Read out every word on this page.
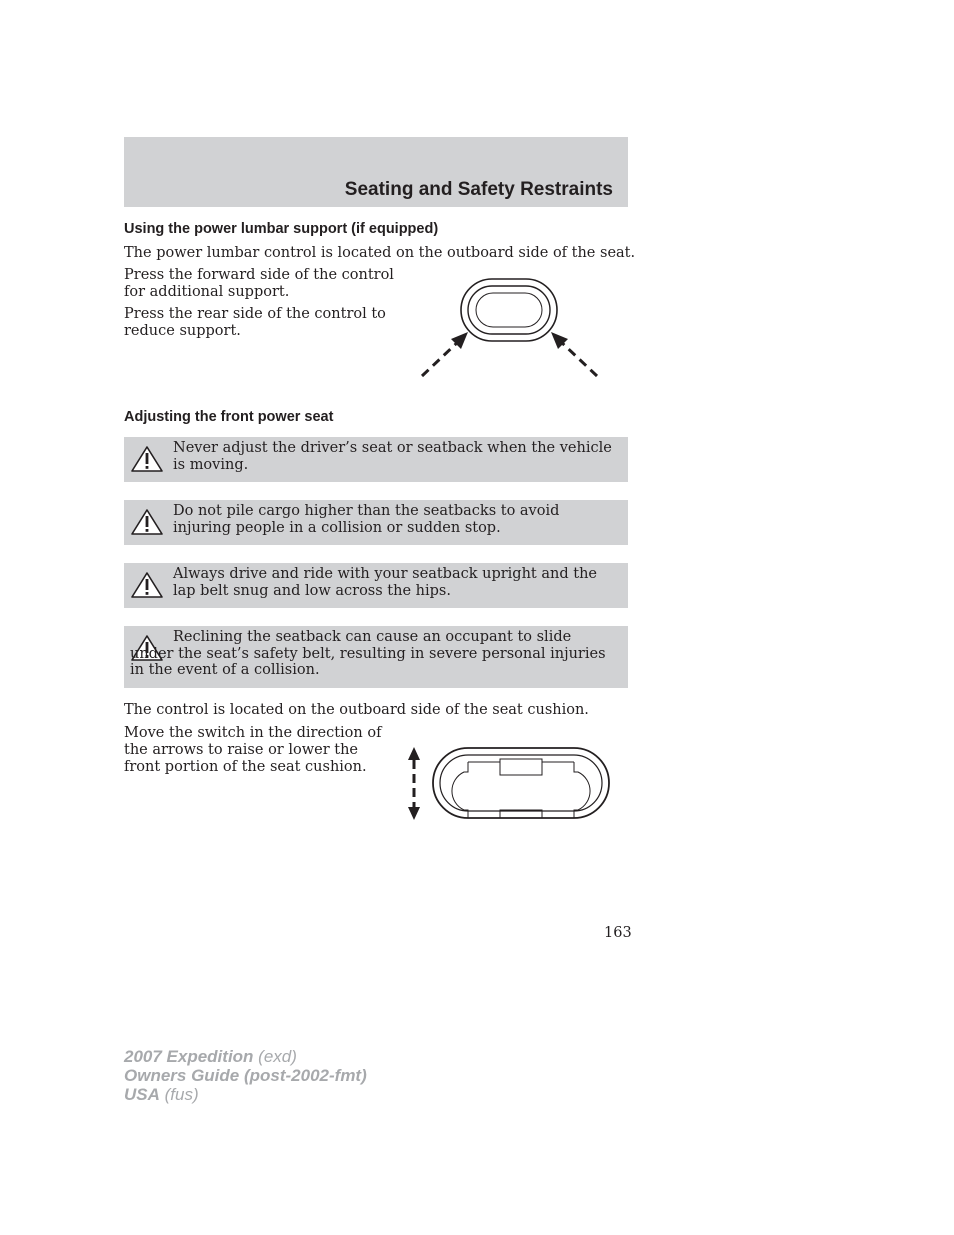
Seating and Safety Restraints
Using the power lumbar support (if equipped)

The power lumbar control is located on the outboard side of the seat.

Press the forward side of the control
for additional support.

Press the rear side of the control to
reduce support.

Adjusting the front power seat
Never adjust the driver’s seat or seatback when the vehicle is moving.
Do not pile cargo higher than the seatbacks to avoid injuring people in a collision or sudden stop.
Always drive and ride with your seatback upright and the lap belt snug and low across the hips.
Reclining the seatback can cause an occupant to slide under the seat’s safety belt, resulting in severe personal injuries in the event of a collision.

The control is located on the outboard side of the seat cushion.

Move the switch in the direction of
the arrows to raise or lower the
front portion of the seat cushion.

163
2007 Expedition (exd)
Owners Guide (post-2002-fmt)
USA (fus)
